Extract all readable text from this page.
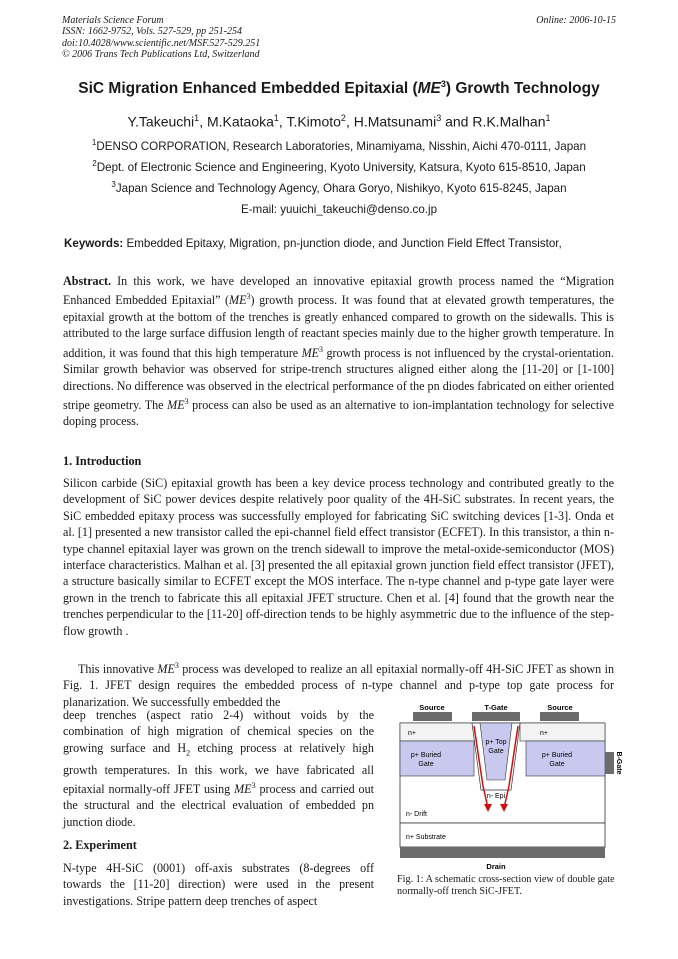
Materials Science Forum	Online: 2006-10-15
ISSN: 1662-9752, Vols. 527-529, pp 251-254
doi:10.4028/www.scientific.net/MSF.527-529.251
© 2006 Trans Tech Publications Ltd, Switzerland
SiC Migration Enhanced Embedded Epitaxial $(ME^3)$ Growth Technology
Y.Takeuchi$^1$, M.Kataoka$^1$, T.Kimoto$^2$, H.Matsunami$^3$ and R.K.Malhan$^1$
$^1$DENSO CORPORATION, Research Laboratories, Minamiyama, Nisshin, Aichi 470-0111, Japan
$^2$Dept. of Electronic Science and Engineering, Kyoto University, Katsura, Kyoto 615-8510, Japan
$^3$Japan Science and Technology Agency, Ohara Goryo, Nishikyo, Kyoto 615-8245, Japan
E-mail: yuuichi_takeuchi@denso.co.jp
Keywords: Embedded Epitaxy, Migration, pn-junction diode, and Junction Field Effect Transistor,
Abstract. In this work, we have developed an innovative epitaxial growth process named the “Migration Enhanced Embedded Epitaxial” $(ME^3)$ growth process. It was found that at elevated growth temperatures, the epitaxial growth at the bottom of the trenches is greatly enhanced compared to growth on the sidewalls. This is attributed to the large surface diffusion length of reactant species mainly due to the higher growth temperature. In addition, it was found that this high temperature $ME^3$ growth process is not influenced by the crystal-orientation. Similar growth behavior was observed for stripe-trench structures aligned either along the [11-20] or [1-100] directions. No difference was observed in the electrical performance of the pn diodes fabricated on either oriented stripe geometry. The $ME^3$ process can also be used as an alternative to ion-implantation technology for selective doping process.
1. Introduction
Silicon carbide (SiC) epitaxial growth has been a key device process technology and contributed greatly to the development of SiC power devices despite relatively poor quality of the 4H-SiC substrates. In recent years, the SiC embedded epitaxy process was successfully employed for fabricating SiC switching devices [1-3]. Onda et al. [1] presented a new transistor called the epi-channel field effect transistor (ECFET). In this transistor, a thin n-type channel epitaxial layer was grown on the trench sidewall to improve the metal-oxide-semiconductor (MOS) interface characteristics. Malhan et al. [3] presented the all epitaxial grown junction field effect transistor (JFET), a structure basically similar to ECFET except the MOS interface. The n-type channel and p-type gate layer were grown in the trench to fabricate this all epitaxial JFET structure. Chen et al. [4] found that the growth near the trenches perpendicular to the [11-20] off-direction tends to be highly asymmetric due to the influence of the step-flow growth .
This innovative $ME^3$ process was developed to realize an all epitaxial normally-off 4H-SiC JFET as shown in Fig. 1. JFET design requires the embedded process of n-type channel and p-type top gate process for planarization. We successfully embedded the
deep trenches (aspect ratio 2-4) without voids by the combination of high migration of chemical species on the growing surface and $H_2$ etching process at relatively high growth temperatures. In this work, we have fabricated all epitaxial normally-off JFET using $ME^3$ process and carried out the structural and the electrical evaluation of embedded pn junction diode.
2. Experiment
N-type 4H-SiC (0001) off-axis substrates (8-degrees off towards the [11-20] direction) were used in the present investigations. Stripe pattern deep trenches of aspect
Source	T-Gate	Source
n+	n+
p+ Buried
Gate
p+ Buried
Gate
p+ Top
Gate
n- Epi
n- Drift
n+ Substrate
Drain
B-Gate
Fig. 1: A schematic cross-section view of double gate normally-off trench SiC-JFET.
